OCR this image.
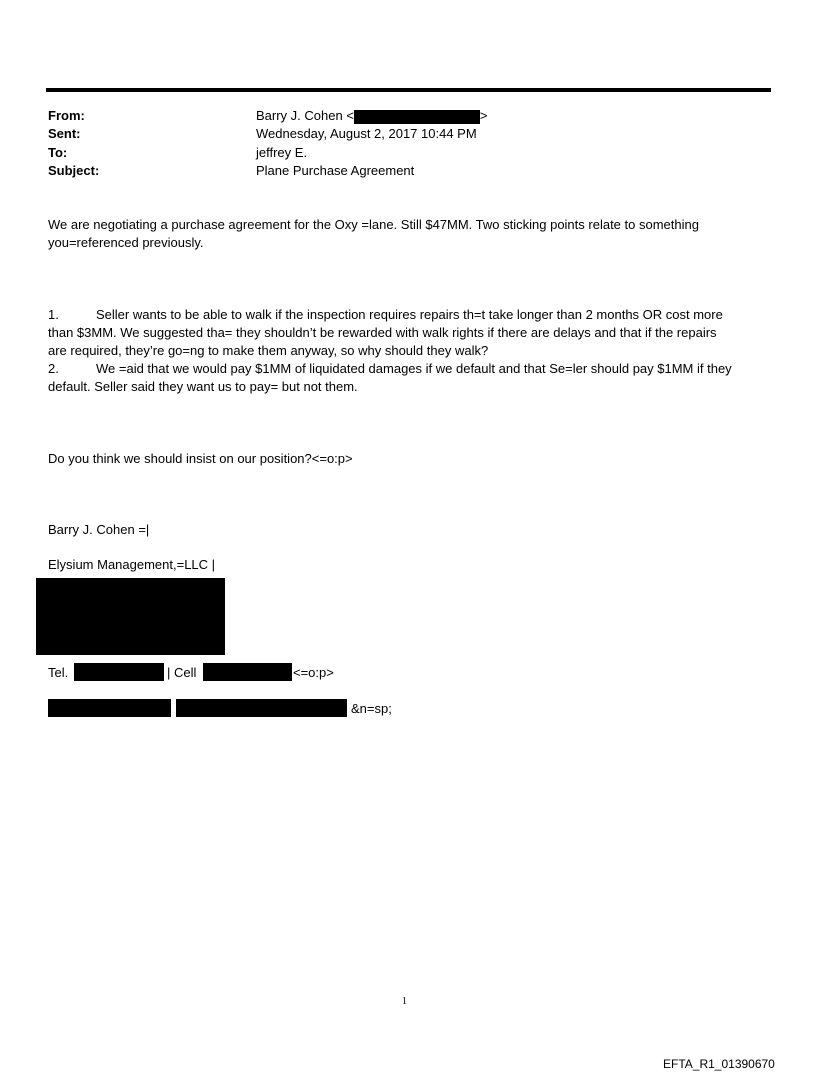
From:	Barry J. Cohen <	>
Sent:	Wednesday, August 2, 2017 10:44 PM
To:	jeffrey E.
Subject:	Plane Purchase Agreement
We are negotiating a purchase agreement for the Oxy =lane. Still $47MM. Two sticking points relate to something
you=referenced previously.
1.	Seller wants to be able to walk if the inspection requires repairs th=t take longer than 2 months OR cost more
than $3MM. We suggested tha= they shouldn’t be rewarded with walk rights if there are delays and that if the repairs
are required, they’re go=ng to make them anyway, so why should they walk?
2.	We =aid that we would pay $1MM of liquidated damages if we default and that Se=ler should pay $1MM if they
default. Seller said they want us to pay= but not them.
Do you think we should insist on our position?<=o:p>
Barry J. Cohen =|
Elysium Management,=LLC |
Tel.	| Cell	<=o:p>
&n=sp;
1
EFTA_R1_01390670
